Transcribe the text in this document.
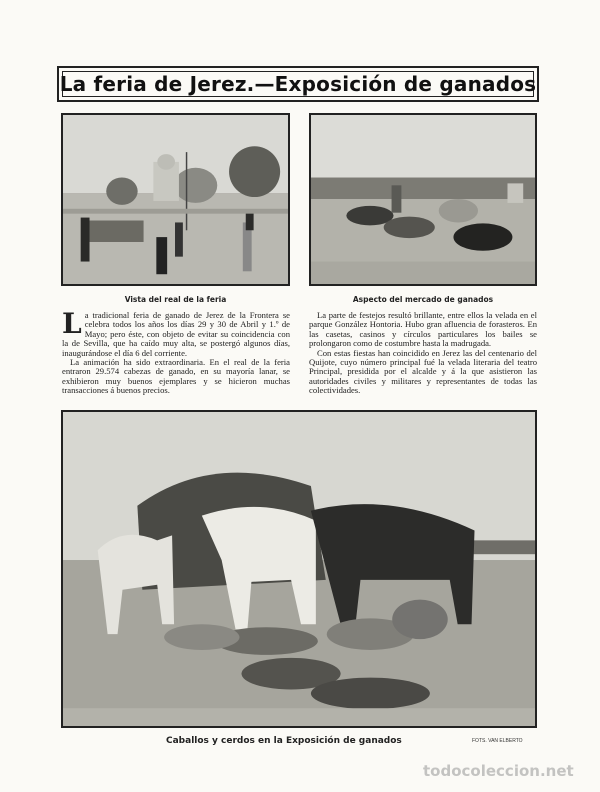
La feria de Jerez.—Exposición de ganados
Vista del real de la feria	Aspecto del mercado de ganados

La tradicional feria de ganado de Jerez de la Frontera se celebra todos los años los días 29 y 30 de Abril y 1.º de Mayo; pero éste, con objeto de evitar su coincidencia con la de Sevilla, que ha caído muy alta, se postergó algunos días, inaugurándose el día 6 del corriente.

La animación ha sido extraordinaria. En el real de la feria entraron 29.574 cabezas de ganado, en su mayoría lanar, se exhibieron muy buenos ejemplares y se hicieron muchas transacciones á buenos precios.

La parte de festejos resultó brillante, entre ellos la velada en el parque González Hontoria. Hubo gran afluencia de forasteros. En las casetas, casinos y círculos particulares los bailes se prolongaron como de costumbre hasta la madrugada.

Con estas fiestas han coincidido en Jerez las del centenario del Quijote, cuyo número principal fué la velada literaria del teatro Principal, presidida por el alcalde y á la que asistieron las autoridades civiles y militares y representantes de todas las colectividades.

Caballos y cerdos en la Exposición de ganados	FOTS. VAN ELBERTO
todocoleccion.net
